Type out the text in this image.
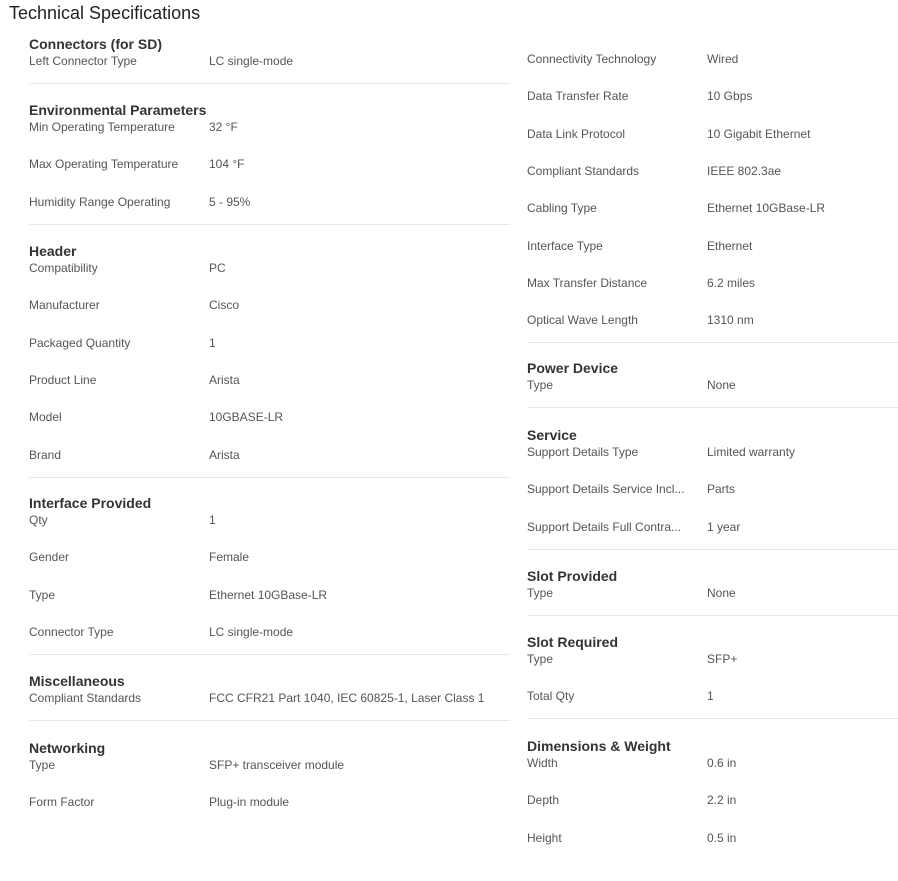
Technical Specifications
Connectors (for SD)
Left Connector Type	LC single-mode
Environmental Parameters
Min Operating Temperature	32 °F
Max Operating Temperature	104 °F
Humidity Range Operating	5 - 95%
Header
Compatibility	PC
Manufacturer	Cisco
Packaged Quantity	1
Product Line	Arista
Model	10GBASE-LR
Brand	Arista
Interface Provided
Qty	1
Gender	Female
Type	Ethernet 10GBase-LR
Connector Type	LC single-mode
Miscellaneous
Compliant Standards	FCC CFR21 Part 1040, IEC 60825-1, Laser Class 1
Networking
Type	SFP+ transceiver module
Form Factor	Plug-in module
Connectivity Technology	Wired
Data Transfer Rate	10 Gbps
Data Link Protocol	10 Gigabit Ethernet
Compliant Standards	IEEE 802.3ae
Cabling Type	Ethernet 10GBase-LR
Interface Type	Ethernet
Max Transfer Distance	6.2 miles
Optical Wave Length	1310 nm
Power Device
Type	None
Service
Support Details Type	Limited warranty
Support Details Service Incl... Parts
Support Details Full Contra...	1 year
Slot Provided
Type	None
Slot Required
Type	SFP+
Total Qty	1
Dimensions & Weight
Width	0.6 in
Depth	2.2 in
Height	0.5 in
